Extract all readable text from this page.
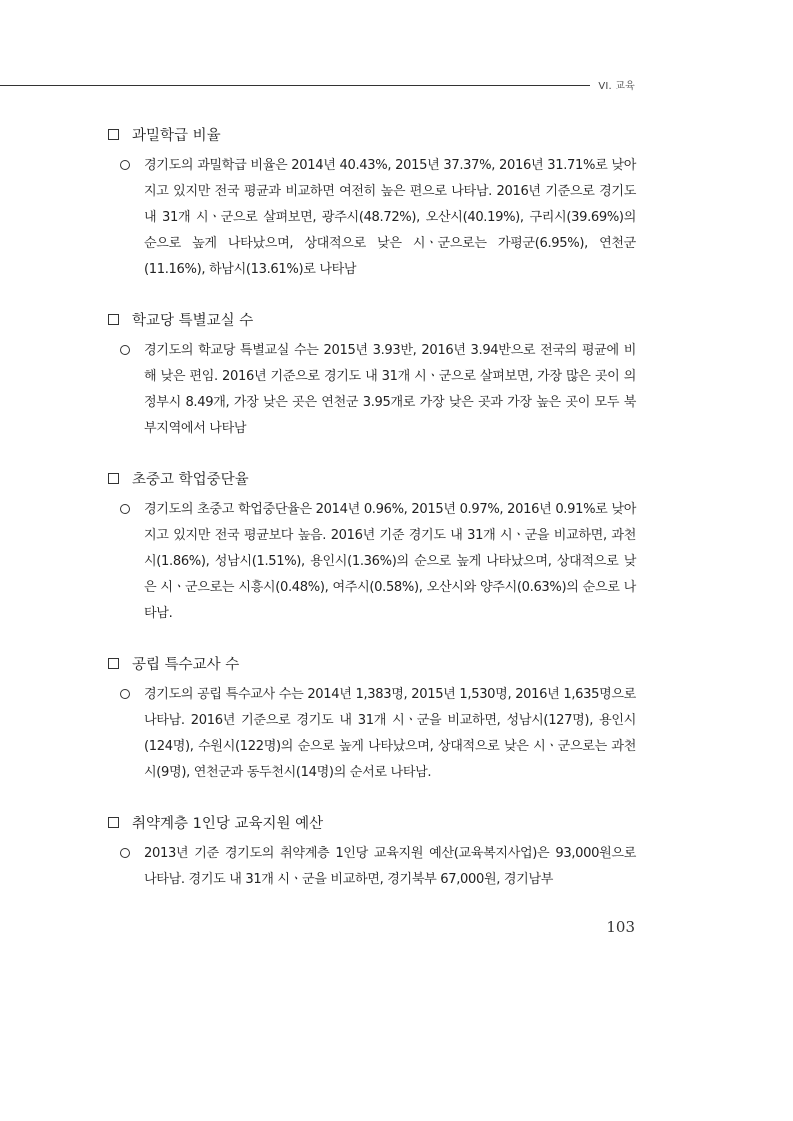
VI. 교육
과밀학급 비율
경기도의 과밀학급 비율은 2014년 40.43%, 2015년 37.37%, 2016년 31.71%로 낮아지고 있지만 전국 평균과 비교하면 여전히 높은 편으로 나타남. 2016년 기준으로 경기도 내 31개 시ㆍ군으로 살펴보면, 광주시(48.72%), 오산시(40.19%), 구리시(39.69%)의 순으로 높게 나타났으며, 상대적으로 낮은 시ㆍ군으로는 가평군(6.95%), 연천군(11.16%), 하남시(13.61%)로 나타남
학교당 특별교실 수
경기도의 학교당 특별교실 수는 2015년 3.93반, 2016년 3.94반으로 전국의 평균에 비해 낮은 편임. 2016년 기준으로 경기도 내 31개 시ㆍ군으로 살펴보면, 가장 많은 곳이 의정부시 8.49개, 가장 낮은 곳은 연천군 3.95개로 가장 낮은 곳과 가장 높은 곳이 모두 북부지역에서 나타남
초중고 학업중단율
경기도의 초중고 학업중단율은 2014년 0.96%, 2015년 0.97%, 2016년 0.91%로 낮아지고 있지만 전국 평균보다 높음. 2016년 기준 경기도 내 31개 시ㆍ군을 비교하면, 과천시(1.86%), 성남시(1.51%), 용인시(1.36%)의 순으로 높게 나타났으며, 상대적으로 낮은 시ㆍ군으로는 시흥시(0.48%), 여주시(0.58%), 오산시와 양주시(0.63%)의 순으로 나타남.
공립 특수교사 수
경기도의 공립 특수교사 수는 2014년 1,383명, 2015년 1,530명, 2016년 1,635명으로 나타남. 2016년 기준으로 경기도 내 31개 시ㆍ군을 비교하면, 성남시(127명), 용인시(124명), 수원시(122명)의 순으로 높게 나타났으며, 상대적으로 낮은 시ㆍ군으로는 과천시(9명), 연천군과 동두천시(14명)의 순서로 나타남.
취약계층 1인당 교육지원 예산
2013년 기준 경기도의 취약계층 1인당 교육지원 예산(교육복지사업)은 93,000원으로 나타남. 경기도 내 31개 시ㆍ군을 비교하면, 경기북부 67,000원, 경기남부
103
